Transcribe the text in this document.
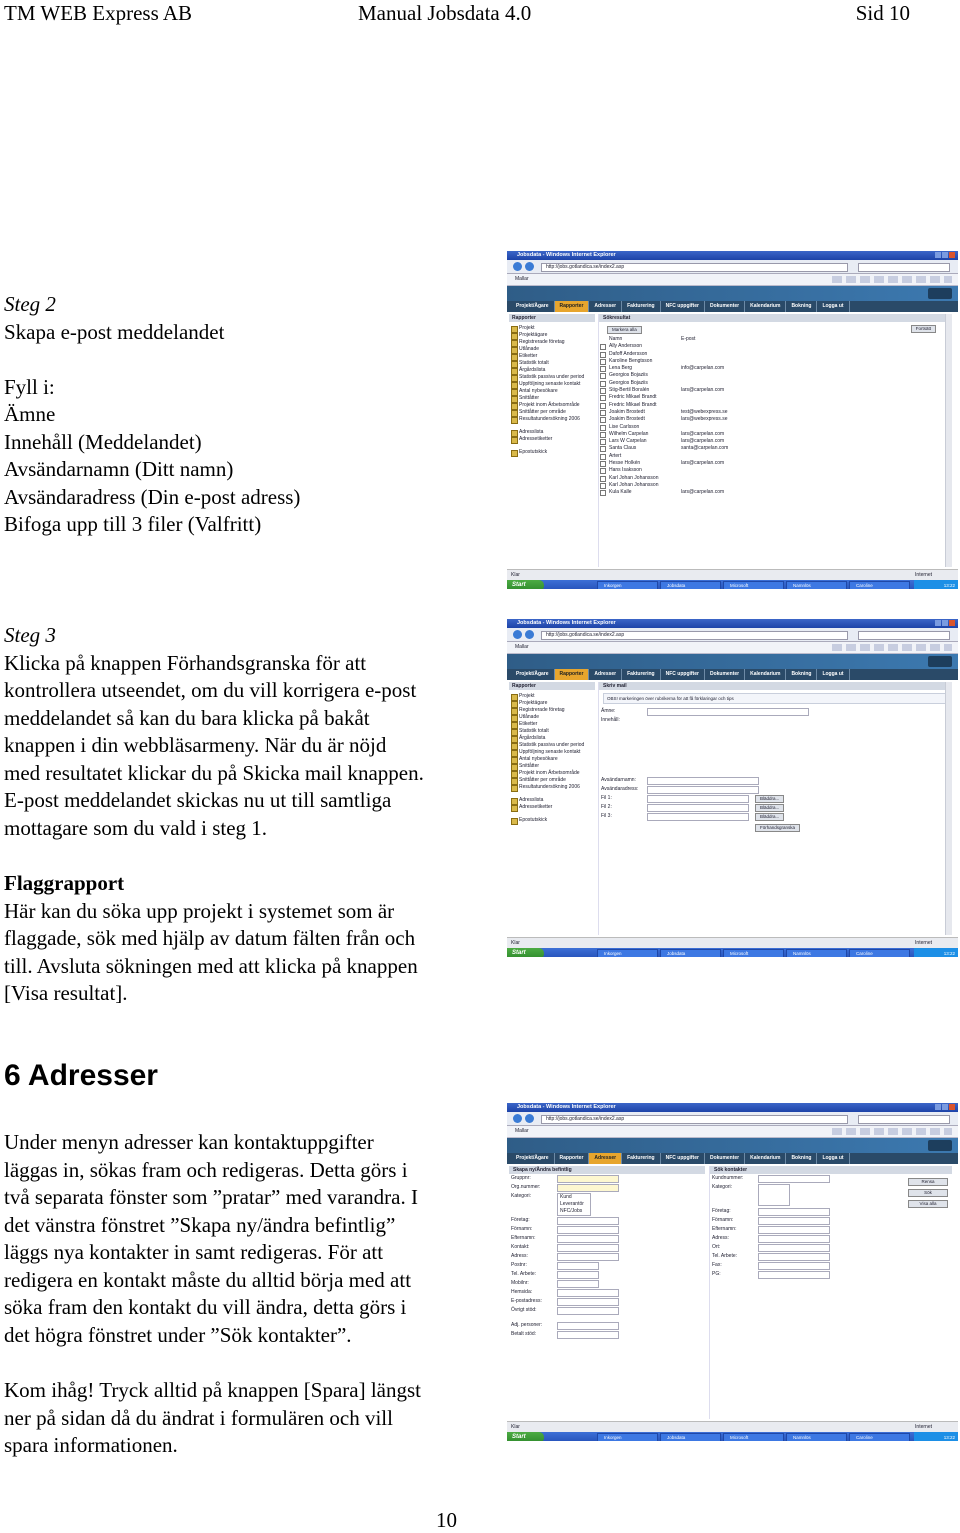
TM WEB Express AB	Manual Jobsdata 4.0	Sid 10
Steg 2
Skapa e-post meddelandet
Fyll i:
Ämne
Innehåll (Meddelandet)
Avsändarnamn (Ditt namn)
Avsändaradress (Din e-post adress)
Bifoga upp till 3 filer (Valfritt)
Steg 3
Klicka på knappen Förhandsgranska för att
kontrollera utseendet, om du vill korrigera e-post
meddelandet så kan du bara klicka på bakåt
knappen i din webbläsarmeny. När du är nöjd
med resultatet klickar du på Skicka mail knappen.
E-post meddelandet skickas nu ut till samtliga
mottagare som du vald i steg 1.
Flaggrapport
Här kan du söka upp projekt i systemet som är
flaggade, sök med hjälp av datum fälten från och
till. Avsluta sökningen med att klicka på knappen
[Visa resultat].
6 Adresser
Under menyn adresser kan kontaktuppgifter
läggas in, sökas fram och redigeras. Detta görs i
två separata fönster som ”pratar” med varandra. I
det vänstra fönstret ”Skapa ny/ändra befintlig”
läggs nya kontakter in samt redigeras. För att
redigera en kontakt måste du alltid börja med att
söka fram den kontakt du vill ändra, detta görs i
det högra fönstret under ”Sök kontakter”.
Kom ihåg! Tryck alltid på knappen [Spara] längst
ner på sidan då du ändrat i formulären och vill
spara informationen.
10
Jobsdata - Windows Internet Explorer
http://jobs.gotlandica.se/index2.asp
Mallar
Projekt/Ägare	Rapporter	Adresser	Fakturering	NFC uppgifter	Dokumenter	Kalendarium	Bokning	Logga ut
Rapporter
Projekt
Projektägare
Registrerade företag
Utlånade
Etiketter
Statistik totalt
Ärgårdslista
Statistik passiva under period
Uppföljning senaste kontakt
Antal nybesökare
Snittåtter
Projekt inom Ärbetsområde
Snittåtter per område
Resultatundersökning 2006
Adresslista
Adressetiketter
Epostutskick
Sökresultat
Markera alla	Fortsätt
Namn	E-post
Ally Andersson
Dafoff Andersson
Karoline Bengtsson
Lena Berg	info@carpelan.com
Georgios Bojaziis
Georgios Bojaziis
Stig-Bertil Boralén	lars@carpelan.com
Fredric Mikael Brandt
Fredric Mikael Brandt
Joakim Brostedt	test@webexpress.se
Joakim Brostedt	lars@webexpress.se
Lise Carlsson
Wilhelm Carpelan	lars@carpelan.com
Lars W Carpelan	lars@carpelan.com
Santa Claus	santa@carpelan.com
Artert
Hesse Holkén	lars@carpelan.com
Hans Isaksson
Karl Johan Johansson
Karl Johan Johansson
Kula Kalle	lars@carpelan.com
Klar	Internet
Start	Inkorgen	Jobsdata	Microsoft	Namnlös	Caroline	13:22
Jobsdata - Windows Internet Explorer
http://jobs.gotlandica.se/index2.asp
Mallar
Projekt/Ägare	Rapporter	Adresser	Fakturering	NFC uppgifter	Dokumenter	Kalendarium	Bokning	Logga ut
Rapporter
Projekt
Projektägare
Registrerade företag
Utlånade
Etiketter
Statistik totalt
Ärgårdslista
Statistik passiva under period
Uppföljning senaste kontakt
Antal nybesökare
Snittåtter
Projekt inom Ärbetsområde
Snittåtter per område
Resultatundersökning 2006
Adresslista
Adressetiketter
Epostutskick
Skriv mail
OBS! markeringen över rubrikerna för att få förklaringar och tips
Ämne:
Innehåll:
Avsändarnamn:
Avsändaradress:
Fil 1:	Bläddra...
Fil 2:	Bläddra...
Fil 3:	Bläddra...
Förhandsgranska
Klar	Internet
Start	Inkorgen	Jobsdata	Microsoft	Namnlös	Caroline	13:22
Jobsdata - Windows Internet Explorer
http://jobs.gotlandica.se/index2.asp
Mallar
Projekt/Ägare	Rapporter	Adresser	Fakturering	NFC uppgifter	Dokumenter	Kalendarium	Bokning	Logga ut
Skapa ny/Ändra befintlig
Gruppnr:
Org.nummer:
Kategori:	Kund
Leverantör
NFC/Jobs
Företag:
Förnamn:
Efternamn:
Kontakt:
Adress:
Postnr:
Tel. Arbete:
Mobilnr:
Hemsida:
E-postadress:
Övrigt stöd:
Adj. personer:
Betalt stöd:
Sök kontakter
Kundnummer:
Kategori:
Företag:
Förnamn:
Efternamn:
Adress:
Ort:
Tel. Arbete:
Fax:
PG:
Rensa
Sök
Visa alla
Klar	Internet
Start	Inkorgen	Jobsdata	Microsoft	Namnlös	Caroline	13:22
